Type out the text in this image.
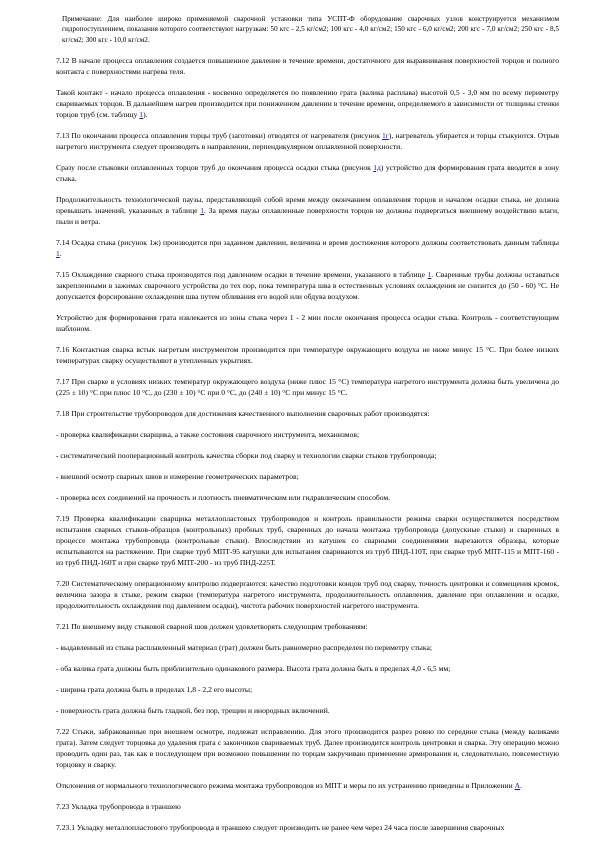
Примечание: Для наиболее широко применяемой сварочной установки типа УСПТ-Ф оборудование сварочных узлов конструируется механизмом гидропоступлением, показания которого соответствуют нагрузкам: 50 кгс - 2,5 кг/см2; 100 кгс - 4,0 кг/см2; 150 кгс - 6,0 кг/см2; 200 кгс - 7,0 кг/см2; 250 кгс - 8,5 кг/см2; 300 кгс - 10,0 кг/см2.

7.12 В начале процесса оплавления создается повышенное давление в течение времени, достаточного для выравнивания поверхностей торцов и полного контакта с поверхностями нагрева теля.

Такой контакт - начало процесса оплавления - косвенно определяется по появлению грата (валика расплава) высотой 0,5 - 3,0 мм по всему периметру свариваемых торцов. В дальнейшем нагрев производится при пониженном давлении в течение времени, определяемого в зависимости от толщины стенки торцов труб (см. таблицу 1).

7.13 По окончании процесса оплавления торцы труб (заготовки) отводятся от нагревателя (рисунок 1г), нагреватель убирается и торцы стыкуются. Отрыв нагретого инструмента следует производить в направлении, перпендикулярном оплавленной поверхности.

Сразу после стыковки оплавленных торцов труб до окончания процесса осадки стыка (рисунок 1д) устройство для формирования грата вводится в зону стыка.

Продолжительность технологической паузы, представляющей собой время между окончанием оплавления торцов и началом осадки стыка, не должна превышать значений, указанных в таблице 1. За время паузы оплавленные поверхности торцов не должны подвергаться внешнему воздействию влаги, пыли и ветра.

7.14 Осадка стыка (рисунок 1ж) производится при заданном давлении, величина и время достижения которого должны соответствовать данным таблицы 1.

7.15 Охлаждение сварного стыка производится под давлением осадки в течение времени, указанного в таблице 1. Сваренные трубы должны оставаться закрепленными в зажимах сварочного устройства до тех пор, пока температура шва в естественных условиях охлаждения не снизится до (50 - 60) °С. Не допускается форсирование охлаждения шва путем обливания его водой или обдува воздухом.

Устройство для формирования грата извлекается из зоны стыка через 1 - 2 мин после окончания процесса осадки стыка. Контроль - соответствующим шаблоном.

7.16 Контактная сварка встык нагретым инструментом производится при температуре окружающего воздуха не ниже минус 15 °С. При более низких температурах сварку осуществляют в утепленных укрытиях.

7.17 При сварке в условиях низких температур окружающего воздуха (ниже плюс 15 °С) температура нагретого инструмента должна быть увеличена до (225 ± 10) °С при плюс 10 °С, до (230 ± 10) °С при 0 °С, до (240 ± 10) °С при минус 15 °С.

7.18 При строительстве трубопроводов для достижения качественного выполнения сварочных работ производятся:

- проверка квалификации сварщика, а также состояния сварочного инструмента, механизмов;

- систематический пооперационный контроль качества сборки под сварку и технологии сварки стыков трубопровода;

- внешний осмотр сварных швов и измерение геометрических параметров;

- проверка всех соединений на прочность и плотность пневматическим или гидравлическим способом.

7.19 Проверка квалификации сварщика металлопластовых трубопроводов и контроль правильности режима сварки осуществляется посредством испытания сварных стыков-образцов (контрольных) пробных труб, сваренных до начала монтажа трубопровода (допускные стыки) и сваренных в процессе монтажа трубопровода (контрольные стыки). Впоследствии из катушек со сварными соединениями вырезаются образцы, которые испытываются на растяжение. При сварке труб МПТ-95 катушки для испытания свариваются из труб ПНД-110Т, при сварке труб МПТ-115 и МПТ-160 - из труб ПНД-160Т и при сварке труб МПТ-200 - из труб ПНД-225Т.

7.20 Систематическому операционному контролю подвергаются: качество подготовки концов труб под сварку, точность центровки и совмещения кромок, величина зазора в стыке, режим сварки (температура нагретого инструмента, продолжительность оплавления, давление при оплавлении и осадке, продолжительность охлаждения под давлением осадки), чистота рабочих поверхностей нагретого инструмента.

7.21 По внешнему виду стыковой сварной шов должен удовлетворять следующим требованиям:

- выдавленный из стыка расплавленный материал (грат) должен быть равномерно распределен по периметру стыка;

- оба валика грата должны быть приблизительно одинакового размера. Высота грата должна быть в пределах 4,0 - 6,5 мм;

- ширина грата должна быть в пределах 1,8 - 2,2 его высоты;

- поверхность грата должна быть гладкой, без пор, трещин и инородных включений.

7.22 Стыки, забракованные при внешнем осмотре, подлежат исправлению. Для этого производится разрез ровно по середине стыка (между валиками грата). Затем следует торцовка до удаления грата с закончиков свариваемых труб. Далее производится контроль центровки и сварка. Эту операцию можно проводить один раз, так как в последующем при возможно повышении по торцам закручиваю применение армирования и, следовательно, повсеместную торцовку и сварку.

Отклонения от нормального технологического режима монтажа трубопроводов из МПТ и меры по их устранению приведены в Приложении А.

7.23 Укладка трубопровода в траншею

7.23.1 Укладку металлопластового трубопровода в траншею следует производить не ранее чем через 24 часа после завершения сварочных
